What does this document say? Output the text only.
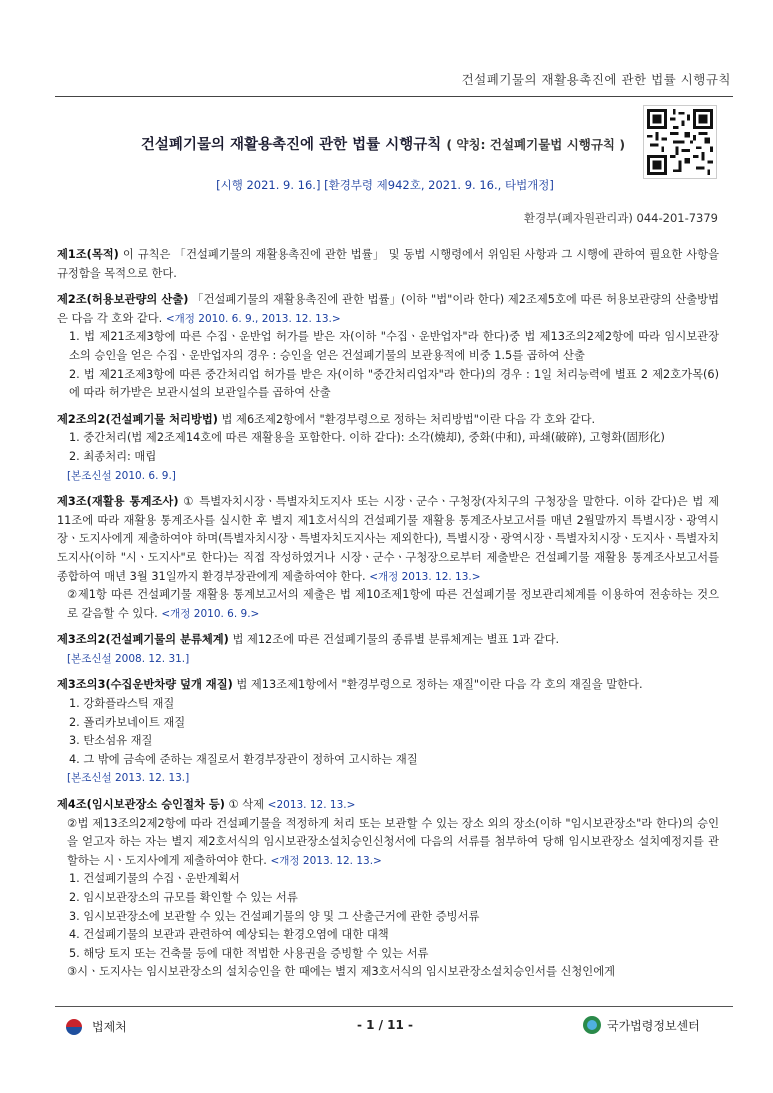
건설폐기물의 재활용촉진에 관한 법률 시행규칙
건설폐기물의 재활용촉진에 관한 법률 시행규칙 ( 약칭: 건설폐기물법 시행규칙 )
[시행 2021. 9. 16.] [환경부령 제942호, 2021. 9. 16., 타법개정]
환경부(폐자원관리과) 044-201-7379
제1조(목적) 이 규칙은 「건설폐기물의 재활용촉진에 관한 법률」 및 동법 시행령에서 위임된 사항과 그 시행에 관하여 필요한 사항을 규정함을 목적으로 한다.
제2조(허용보관량의 산출) 「건설폐기물의 재활용촉진에 관한 법률」(이하 "법"이라 한다) 제2조제5호에 따른 허용보관량의 산출방법은 다음 각 호와 같다. <개정 2010. 6. 9., 2013. 12. 13.>
1. 법 제21조제3항에 따른 수집ㆍ운반업 허가를 받은 자(이하 "수집ㆍ운반업자"라 한다)중 법 제13조의2제2항에 따라 임시보관장소의 승인을 얻은 수집ㆍ운반업자의 경우 : 승인을 얻은 건설폐기물의 보관용적에 비중 1.5를 곱하여 산출
2. 법 제21조제3항에 따른 중간처리업 허가를 받은 자(이하 "중간처리업자"라 한다)의 경우 : 1일 처리능력에 별표 2 제2호가목(6)에 따라 허가받은 보관시설의 보관일수를 곱하여 산출
제2조의2(건설폐기물 처리방법) 법 제6조제2항에서 "환경부령으로 정하는 처리방법"이란 다음 각 호와 같다.
1. 중간처리(법 제2조제14호에 따른 재활용을 포함한다. 이하 같다): 소각(燒却), 중화(中和), 파쇄(破碎), 고형화(固形化)
2. 최종처리: 매립
[본조신설 2010. 6. 9.]
제3조(재활용 통계조사) ① 특별자치시장ㆍ특별자치도지사 또는 시장ㆍ군수ㆍ구청장(자치구의 구청장을 말한다. 이하 같다)은 법 제11조에 따라 재활용 통계조사를 실시한 후 별지 제1호서식의 건설폐기물 재활용 통계조사보고서를 매년 2월말까지 특별시장ㆍ광역시장ㆍ도지사에게 제출하여야 하며(특별자치시장ㆍ특별자치도지사는 제외한다), 특별시장ㆍ광역시장ㆍ특별자치시장ㆍ도지사ㆍ특별자치도지사(이하 "시ㆍ도지사"로 한다)는 직접 작성하였거나 시장ㆍ군수ㆍ구청장으로부터 제출받은 건설폐기물 재활용 통계조사보고서를 종합하여 매년 3월 31일까지 환경부장관에게 제출하여야 한다. <개정 2013. 12. 13.>
②제1항 따른 건설폐기물 재활용 통계보고서의 제출은 법 제10조제1항에 따른 건설폐기물 정보관리체계를 이용하여 전송하는 것으로 갈음할 수 있다. <개정 2010. 6. 9.>
제3조의2(건설폐기물의 분류체계) 법 제12조에 따른 건설폐기물의 종류별 분류체계는 별표 1과 같다.
[본조신설 2008. 12. 31.]
제3조의3(수집운반차량 덮개 재질) 법 제13조제1항에서 "환경부령으로 정하는 재질"이란 다음 각 호의 재질을 말한다.
1. 강화플라스틱 재질
2. 폴리카보네이트 재질
3. 탄소섬유 재질
4. 그 밖에 금속에 준하는 재질로서 환경부장관이 정하여 고시하는 재질
[본조신설 2013. 12. 13.]
제4조(임시보관장소 승인절차 등) ① 삭제 <2013. 12. 13.>
②법 제13조의2제2항에 따라 건설폐기물을 적정하게 처리 또는 보관할 수 있는 장소 외의 장소(이하 "임시보관장소"라 한다)의 승인을 얻고자 하는 자는 별지 제2호서식의 임시보관장소설치승인신청서에 다음의 서류를 첨부하여 당해 임시보관장소 설치예정지를 관할하는 시ㆍ도지사에게 제출하여야 한다. <개정 2013. 12. 13.>
1. 건설폐기물의 수집ㆍ운반계획서
2. 임시보관장소의 규모를 확인할 수 있는 서류
3. 임시보관장소에 보관할 수 있는 건설폐기물의 양 및 그 산출근거에 관한 증빙서류
4. 건설폐기물의 보관과 관련하여 예상되는 환경오염에 대한 대책
5. 해당 토지 또는 건축물 등에 대한 적법한 사용권을 증빙할 수 있는 서류
③시ㆍ도지사는 임시보관장소의 설치승인을 한 때에는 별지 제3호서식의 임시보관장소설치승인서를 신청인에게
법제처	- 1 / 11 -	국가법령정보센터
